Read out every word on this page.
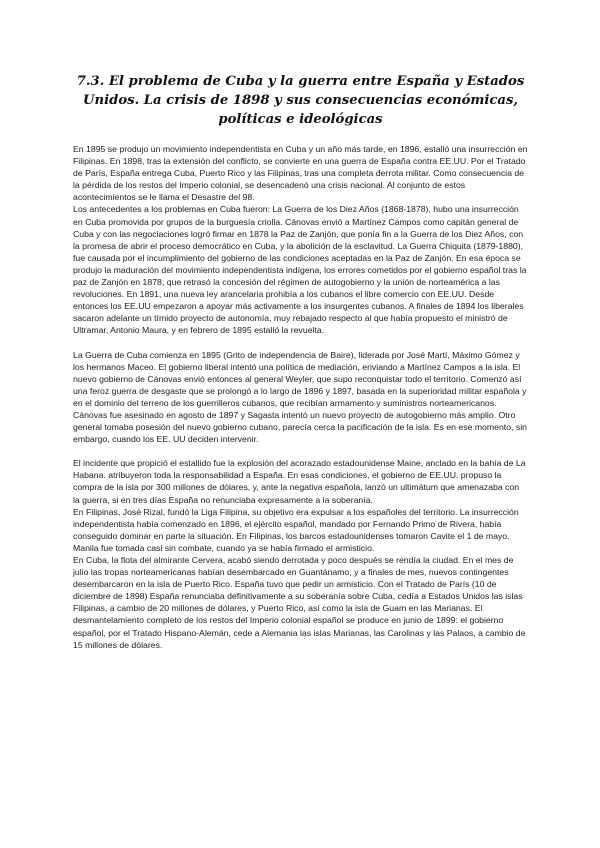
7.3. El problema de Cuba y la guerra entre España y Estados Unidos. La crisis de 1898 y sus consecuencias económicas, políticas e ideológicas

En 1895 se produjo un movimiento independentista en Cuba y un año más tarde, en 1896, estalló una insurrección en Filipinas. En 1898, tras la extensión del conflicto, se convierte en una guerra de España contra EE.UU. Por el Tratado de París, España entrega Cuba, Puerto Rico y las Filipinas, tras una completa derrota militar. Como consecuencia de la pérdida de los restos del Imperio colonial, se desencadenó una crisis nacional. Al conjunto de estos acontecimientos se le llama el Desastre del 98.

Los antecedentes a los problemas en Cuba fueron: La Guerra de los Diez Años (1868-1878), hubo una insurrección en Cuba promovida por grupos de la burguesía criolla. Cánovas envió a Martínez Campos como capitán general de Cuba y con las negociaciones logró firmar en 1878 la Paz de Zanjón, que ponía fin a la Guerra de los Diez Años, con la promesa de abrir el proceso democrático en Cuba, y la abolición de la esclavitud. La Guerra Chiquita (1879-1880), fue causada por el incumplimiento del gobierno de las condiciones aceptadas en la Paz de Zanjón. En esa época se produjo la maduración del movimiento independentista indígena, los errores cometidos por el gobierno español tras la paz de Zanjón en 1878, que retrasó la concesión del régimen de autogobierno y la unión de norteamérica a las revoluciones. En 1891, una nueva ley arancelaria prohibía a los cubanos el libre comercio con EE.UU. Desde entonces los EE.UU empezaron a apoyar más activamente a los insurgentes cubanos. A finales de 1894 los liberales sacaron adelante un tímido proyecto de autonomía, muy rebajado respecto al que había propuesto el ministró de Ultramar, Antonio Maura, y en febrero de 1895 estalló la revuelta.

La Guerra de Cuba comienza en 1895 (Grito de independencia de Baire), liderada por José Martí, Máximo Gómez y los hermanos Maceo. El gobierno liberal intentó una política de mediación, enviando a Martínez Campos a la isla. El nuevo gobierno de Cánovas envió entonces al general Weyler, que supo reconquistar todo el territorio. Comenzó así una feroz guerra de desgaste que se prolongó a lo largo de 1896 y 1897, basada en la superioridad militar española y en el dominio del terreno de los guerrilleros cubanos, que recibían armamento y suministros norteamericanos. Cánovas fue asesinado en agosto de 1897 y Sagasta intentó un nuevo proyecto de autogobierno más amplio. Otro general tomaba posesión del nuevo gobierno cubano, parecía cerca la pacificación de la isla. Es en ese momento, sin embargo, cuando los EE. UU deciden intervenir.

El incidente que propició el estallido fue la explosión del acorazado estadounidense Maine, anclado en la bahía de La Habana. atribuyeron toda la responsabilidad a España. En esas condiciones, el gobierno de EE.UU. propuso la compra de la isla por 300 millones de dólares, y, ante la negativa española, lanzó un ultimátum que amenazaba con la guerra, si en tres días España no renunciaba expresamente a la soberanía.

En Filipinas, José Rizal, fundó la Liga Filipina, su objetivo era expulsar a los españoles del territorio. La insurrección independentista había comenzado en 1896, el ejército español, mandado por Fernando Primo de Rivera, había conseguido dominar en parte la situación. En Filipinas, los barcos estadounidenses tomaron Cavite el 1 de mayo. Manila fue tomada casi sin combate, cuando ya se había firmado el armisticio.

En Cuba, la flota del almirante Cervera, acabó siendo derrotada y poco después se rendía la ciudad. En el mes de julio las tropas norteamericanas habían desembarcado en Guantánamo, y a finales de mes, nuevos contingentes desembarcaron en la isla de Puerto Rico. España tuvo que pedir un armisticio. Con el Tratado de París (10 de diciembre de 1898) España renunciaba definitivamente a su soberanía sobre Cuba, cedía a Estados Unidos las islas Filipinas, a cambio de 20 millones de dólares, y Puerto Rico, así como la isla de Guam en las Marianas. El desmantelamiento completo de los restos del Imperio colonial español se produce en junio de 1899: el gobierno español, por el Tratado Hispano-Alemán, cede a Alemania las islas Marianas, las Carolinas y las Palaos, a cambio de 15 millones de dólares.
